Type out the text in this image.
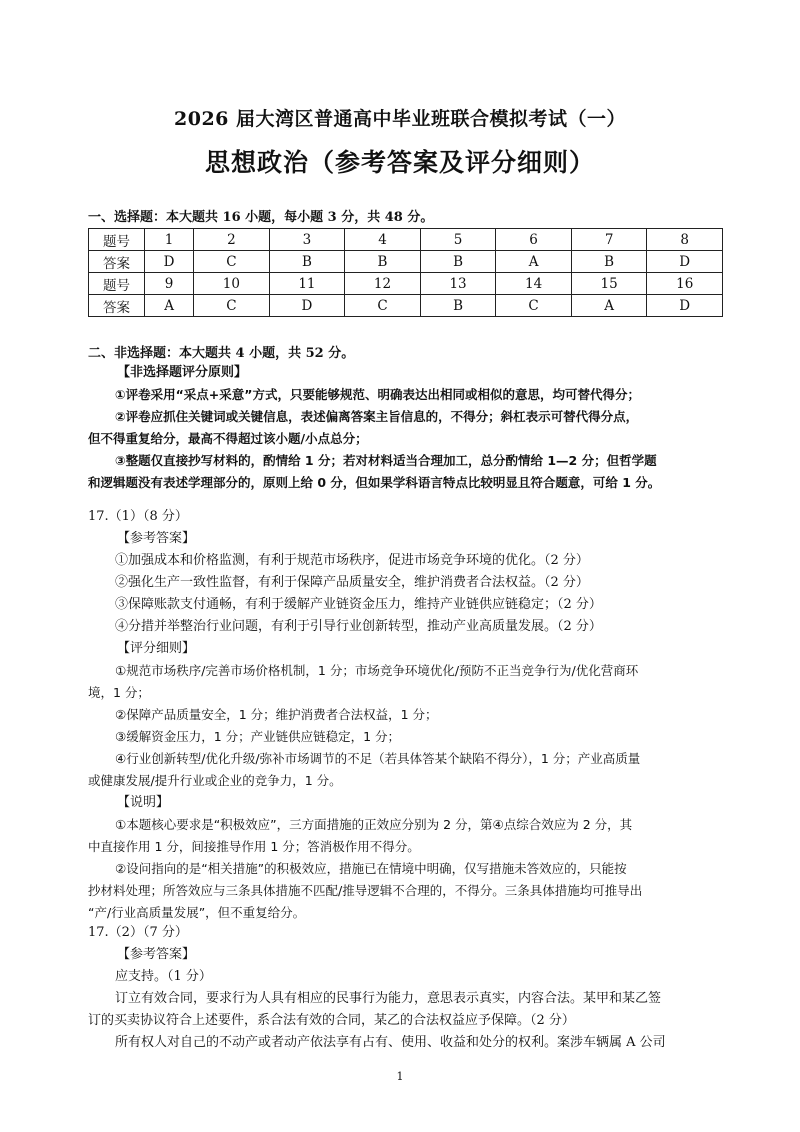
2026 届大湾区普通高中毕业班联合模拟考试（一）
思想政治（参考答案及评分细则）
一、选择题：本大题共 16 小题，每小题 3 分，共 48 分。
题号	1	2	3	4	5	6	7	8
答案	D	C	B	B	B	A	B	D
题号	9	10	11	12	13	14	15	16
答案	A	C	D	C	B	C	A	D
二、非选择题：本大题共 4 小题，共 52 分。
【非选择题评分原则】
①评卷采用“采点+采意”方式，只要能够规范、明确表达出相同或相似的意思，均可替代得分；
②评卷应抓住关键词或关键信息，表述偏离答案主旨信息的，不得分；斜杠表示可替代得分点，
但不得重复给分，最高不得超过该小题/小点总分；
③整题仅直接抄写材料的，酌情给 1 分；若对材料适当合理加工，总分酌情给 1—2 分；但哲学题
和逻辑题没有表述学理部分的，原则上给 0 分，但如果学科语言特点比较明显且符合题意，可给 1 分。
17.（1）（8 分）
【参考答案】
①加强成本和价格监测，有利于规范市场秩序，促进市场竞争环境的优化。（2 分）
②强化生产一致性监督，有利于保障产品质量安全，维护消费者合法权益。（2 分）
③保障账款支付通畅，有利于缓解产业链资金压力，维持产业链供应链稳定；（2 分）
④分措并举整治行业问题，有利于引导行业创新转型，推动产业高质量发展。（2 分）
【评分细则】
①规范市场秩序/完善市场价格机制，1 分；市场竞争环境优化/预防不正当竞争行为/优化营商环
境，1 分；
②保障产品质量安全，1 分；维护消费者合法权益，1 分；
③缓解资金压力，1 分；产业链供应链稳定，1 分；
④行业创新转型/优化升级/弥补市场调节的不足（若具体答某个缺陷不得分），1 分；产业高质量
或健康发展/提升行业或企业的竞争力，1 分。
【说明】
①本题核心要求是“积极效应”，三方面措施的正效应分别为 2 分，第④点综合效应为 2 分，其
中直接作用 1 分，间接推导作用 1 分；答消极作用不得分。
②设问指向的是“相关措施”的积极效应，措施已在情境中明确，仅写措施未答效应的，只能按
抄材料处理；所答效应与三条具体措施不匹配/推导逻辑不合理的，不得分。三条具体措施均可推导出
“产/行业高质量发展”，但不重复给分。
17.（2）（7 分）
【参考答案】
应支持。（1 分）
订立有效合同，要求行为人具有相应的民事行为能力，意思表示真实，内容合法。某甲和某乙签
订的买卖协议符合上述要件，系合法有效的合同，某乙的合法权益应予保障。（2 分）
所有权人对自己的不动产或者动产依法享有占有、使用、收益和处分的权利。案涉车辆属 A 公司
1
